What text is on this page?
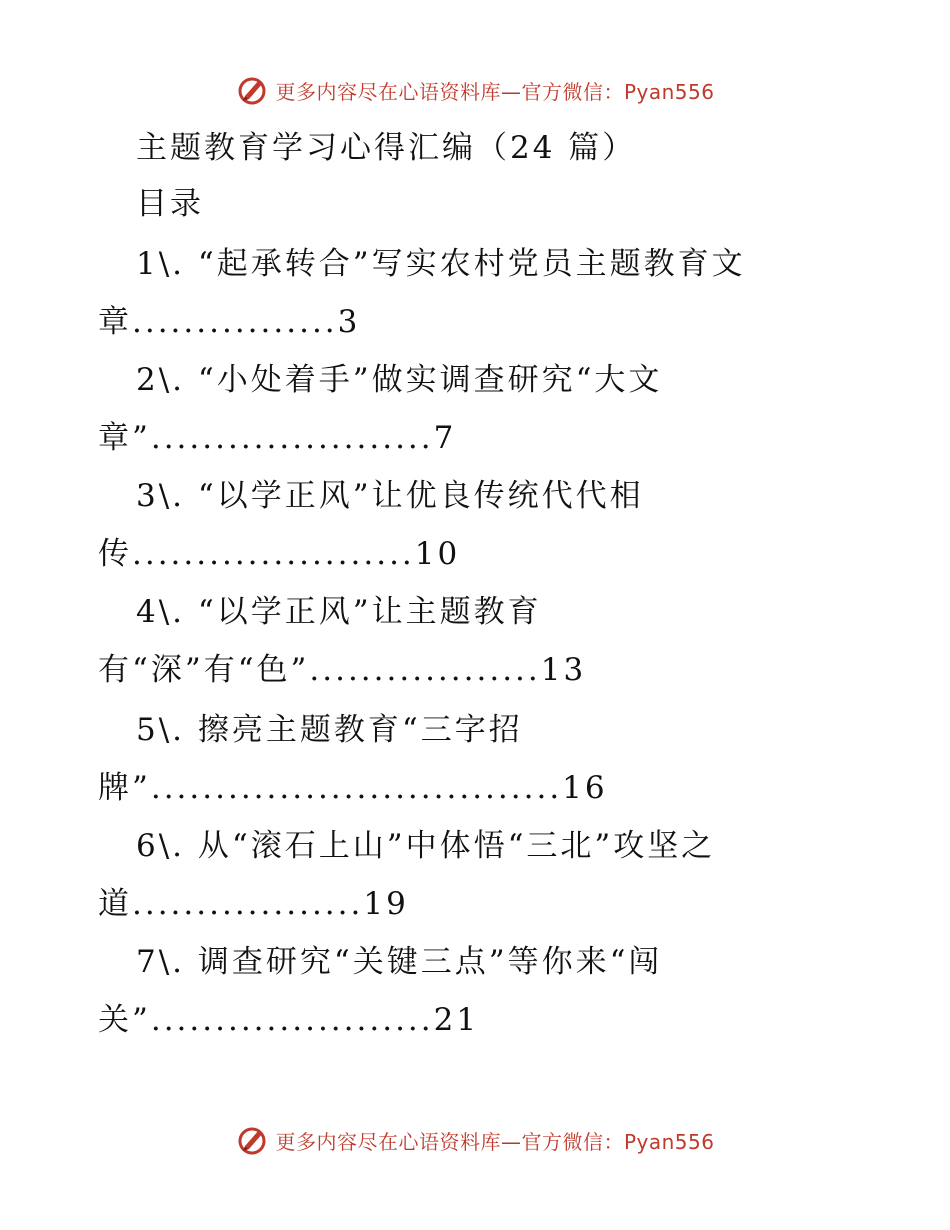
更多内容尽在心语资料库—官方微信：Pyan556
主题教育学习心得汇编（24 篇）
目录
1\. “起承转合”写实农村党员主题教育文
章................3
2\. “小处着手”做实调查研究“大文
章”......................7
3\. “以学正风”让优良传统代代相
传......................10
4\. “以学正风”让主题教育
有“深”有“色”..................13
5\. 擦亮主题教育“三字招
牌”................................16
6\. 从“滚石上山”中体悟“三北”攻坚之
道..................19
7\. 调查研究“关键三点”等你来“闯
关”......................21
更多内容尽在心语资料库—官方微信：Pyan556
